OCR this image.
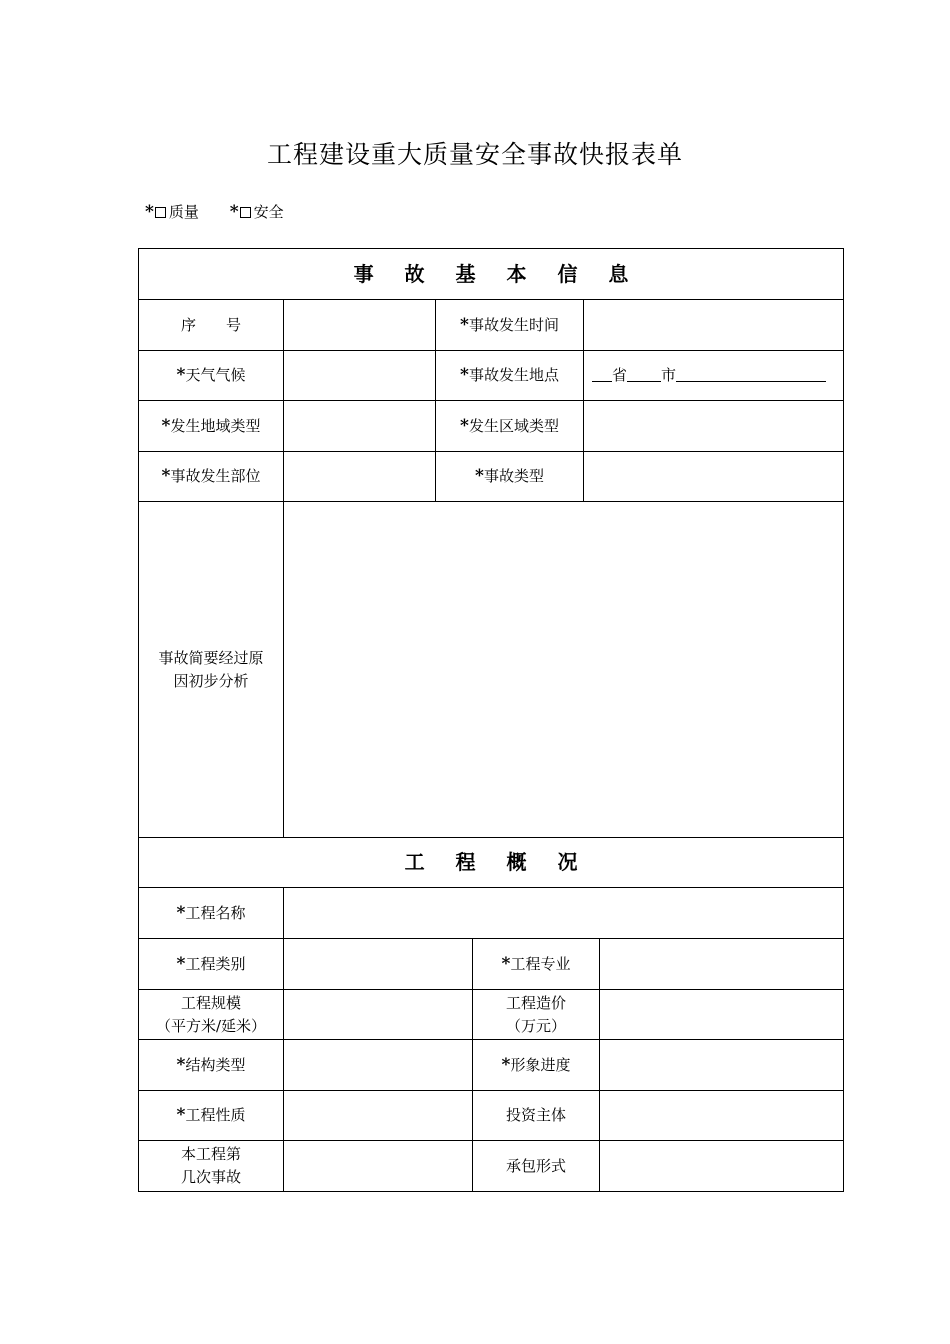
工程建设重大质量安全事故快报表单
* 质量 * 安全
事 故 基 本 信 息					
序　　号		*事故发生时间			
*天气气候		*事故发生地点		省 市	
*发生地域类型		*发生区域类型			
*事故发生部位		*事故类型			
事故简要经过原
因初步分析					
工 程 概 况					
*工程名称					
*工程类别			*工程专业		
工程规模
（平方米/延米）			工程造价
（万元）		
*结构类型			*形象进度		
*工程性质			投资主体		
本工程第
几次事故			承包形式		
